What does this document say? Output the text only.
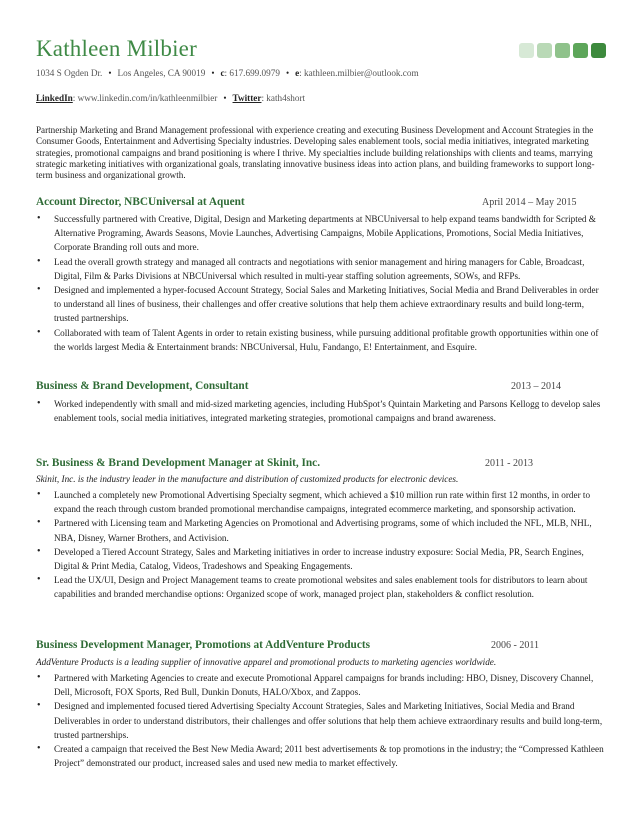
Kathleen Milbier
1034 S Ogden Dr. • Los Angeles, CA 90019 • c: 617.699.0979 • e: kathleen.milbier@outlook.com
LinkedIn: www.linkedin.com/in/kathleenmilbier • Twitter: kath4short
Partnership Marketing and Brand Management professional with experience creating and executing Business Development and Account Strategies in the Consumer Goods, Entertainment and Advertising Specialty industries. Developing sales enablement tools, social media initiatives, integrated marketing strategies, promotional campaigns and brand positioning is where I thrive. My specialties include building relationships with clients and teams, marrying strategic marketing initiatives with organizational goals, translating innovative business ideas into action plans, and building frameworks to support long-term business and organizational growth.
Account Director, NBCUniversal at Aquent	April 2014 – May 2015
• Successfully partnered with Creative, Digital, Design and Marketing departments at NBCUniversal to help expand teams bandwidth for Scripted & Alternative Programing, Awards Seasons, Movie Launches, Advertising Campaigns, Mobile Applications, Promotions, Social Media Initiatives, Corporate Branding roll outs and more.
• Lead the overall growth strategy and managed all contracts and negotiations with senior management and hiring managers for Cable, Broadcast, Digital, Film & Parks Divisions at NBCUniversal which resulted in multi-year staffing solution agreements, SOWs, and RFPs.
• Designed and implemented a hyper-focused Account Strategy, Social Sales and Marketing Initiatives, Social Media and Brand Deliverables in order to understand all lines of business, their challenges and offer creative solutions that help them achieve extraordinary results and build long-term, trusted partnerships.
• Collaborated with team of Talent Agents in order to retain existing business, while pursuing additional profitable growth opportunities within one of the worlds largest Media & Entertainment brands: NBCUniversal, Hulu, Fandango, E! Entertainment, and Esquire.
Business & Brand Development, Consultant	2013 – 2014
• Worked independently with small and mid-sized marketing agencies, including HubSpot’s Quintain Marketing and Parsons Kellogg to develop sales enablement tools, social media initiatives, integrated marketing strategies, promotional campaigns and brand awareness.
Sr. Business & Brand Development Manager at Skinit, Inc.	2011 - 2013
Skinit, Inc. is the industry leader in the manufacture and distribution of customized products for electronic devices.
• Launched a completely new Promotional Advertising Specialty segment, which achieved a $10 million run rate within first 12 months, in order to expand the reach through custom branded promotional merchandise campaigns, integrated ecommerce marketing, and sponsorship activation.
• Partnered with Licensing team and Marketing Agencies on Promotional and Advertising programs, some of which included the NFL, MLB, NHL, NBA, Disney, Warner Brothers, and Activision.
• Developed a Tiered Account Strategy, Sales and Marketing initiatives in order to increase industry exposure: Social Media, PR, Search Engines, Digital & Print Media, Catalog, Videos, Tradeshows and Speaking Engagements.
• Lead the UX/UI, Design and Project Management teams to create promotional websites and sales enablement tools for distributors to learn about capabilities and branded merchandise options: Organized scope of work, managed project plan, stakeholders & conflict resolution.
Business Development Manager, Promotions at AddVenture Products	2006 - 2011
AddVenture Products is a leading supplier of innovative apparel and promotional products to marketing agencies worldwide.
• Partnered with Marketing Agencies to create and execute Promotional Apparel campaigns for brands including: HBO, Disney, Discovery Channel, Dell, Microsoft, FOX Sports, Red Bull, Dunkin Donuts, HALO/Xbox, and Zappos.
• Designed and implemented focused tiered Advertising Specialty Account Strategies, Sales and Marketing Initiatives, Social Media and Brand Deliverables in order to understand distributors, their challenges and offer solutions that help them achieve extraordinary results and build long-term, trusted partnerships.
• Created a campaign that received the Best New Media Award; 2011 best advertisements & top promotions in the industry; the “Compressed Kathleen Project” demonstrated our product, increased sales and used new media to market effectively.
